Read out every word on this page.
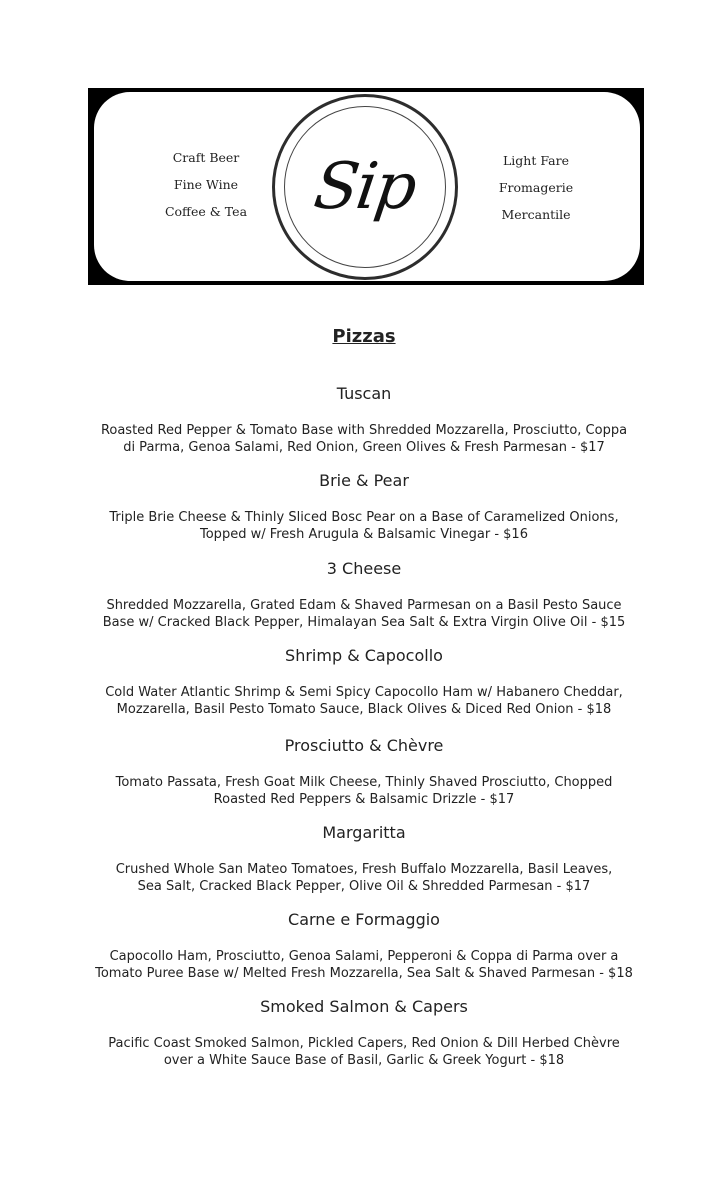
Craft Beer
Fine Wine
Coffee & Tea Sip	Light Fare
Fromagerie
Mercantile
Pizzas
Tuscan
Roasted Red Pepper & Tomato Base with Shredded Mozzarella, Prosciutto, Coppa
di Parma, Genoa Salami, Red Onion, Green Olives & Fresh Parmesan - $17
Brie & Pear
Triple Brie Cheese & Thinly Sliced Bosc Pear on a Base of Caramelized Onions,
Topped w/ Fresh Arugula & Balsamic Vinegar - $16
3 Cheese
Shredded Mozzarella, Grated Edam & Shaved Parmesan on a Basil Pesto Sauce
Base w/ Cracked Black Pepper, Himalayan Sea Salt & Extra Virgin Olive Oil - $15
Shrimp & Capocollo
Cold Water Atlantic Shrimp & Semi Spicy Capocollo Ham w/ Habanero Cheddar,
Mozzarella, Basil Pesto Tomato Sauce, Black Olives & Diced Red Onion - $18
Prosciutto & Chèvre
Tomato Passata, Fresh Goat Milk Cheese, Thinly Shaved Prosciutto, Chopped
Roasted Red Peppers & Balsamic Drizzle - $17
Margaritta
Crushed Whole San Mateo Tomatoes, Fresh Buffalo Mozzarella, Basil Leaves,
Sea Salt, Cracked Black Pepper, Olive Oil & Shredded Parmesan - $17
Carne e Formaggio
Capocollo Ham, Prosciutto, Genoa Salami, Pepperoni & Coppa di Parma over a
Tomato Puree Base w/ Melted Fresh Mozzarella, Sea Salt & Shaved Parmesan - $18
Smoked Salmon & Capers
Pacific Coast Smoked Salmon, Pickled Capers, Red Onion & Dill Herbed Chèvre
over a White Sauce Base of Basil, Garlic & Greek Yogurt - $18
